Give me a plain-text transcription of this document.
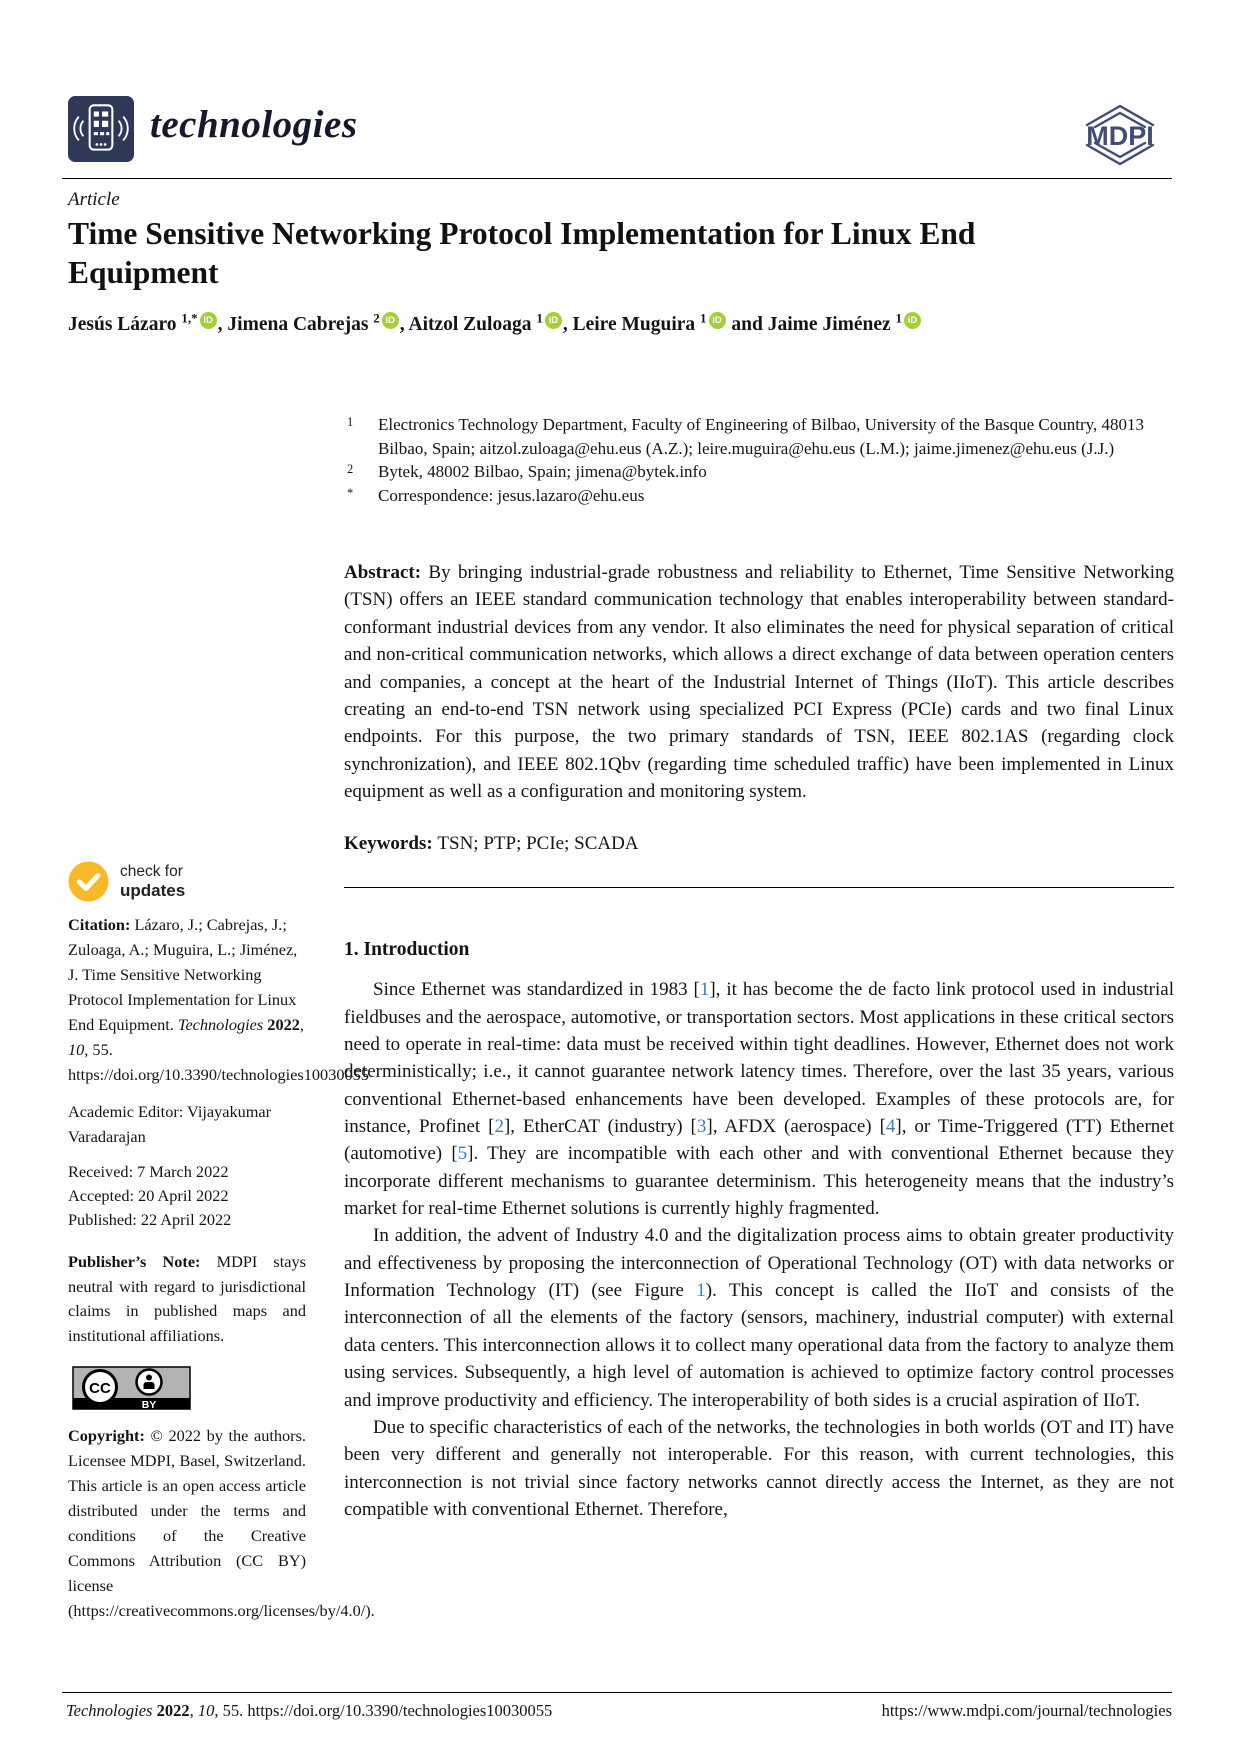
technologies	MDPI
Article
Time Sensitive Networking Protocol Implementation for Linux End Equipment
Jesús Lázaro $^{1,*}$ iD , Jimena Cabrejas $^2$ iD , Aitzol Zuloaga $^1$ iD , Leire Muguira $^1$ iD and Jaime Jiménez $^1$ iD
1 Electronics Technology Department, Faculty of Engineering of Bilbao, University of the Basque Country, 48013 Bilbao, Spain; aitzol.zuloaga@ehu.eus (A.Z.); leire.muguira@ehu.eus (L.M.); jaime.jimenez@ehu.eus (J.J.)
2 Bytek, 48002 Bilbao, Spain; jimena@bytek.info
* Correspondence: jesus.lazaro@ehu.eus
Abstract: By bringing industrial-grade robustness and reliability to Ethernet, Time Sensitive Networking (TSN) offers an IEEE standard communication technology that enables interoperability between standard-conformant industrial devices from any vendor. It also eliminates the need for physical separation of critical and non-critical communication networks, which allows a direct exchange of data between operation centers and companies, a concept at the heart of the Industrial Internet of Things (IIoT). This article describes creating an end-to-end TSN network using specialized PCI Express (PCIe) cards and two final Linux endpoints. For this purpose, the two primary standards of TSN, IEEE 802.1AS (regarding clock synchronization), and IEEE 802.1Qbv (regarding time scheduled traffic) have been implemented in Linux equipment as well as a configuration and monitoring system.
Keywords: TSN; PTP; PCIe; SCADA
check for
updates
Citation: Lázaro, J.; Cabrejas, J.; Zuloaga, A.; Muguira, L.; Jiménez, J. Time Sensitive Networking Protocol Implementation for Linux End Equipment. Technologies 2022, 10, 55. https://doi.org/10.3390/technologies10030055
Academic Editor: Vijayakumar Varadarajan
Received: 7 March 2022
Accepted: 20 April 2022
Published: 22 April 2022
Publisher’s Note: MDPI stays neutral with regard to jurisdictional claims in published maps and institutional affiliations.
CC
BY
Copyright: © 2022 by the authors. Licensee MDPI, Basel, Switzerland. This article is an open access article distributed under the terms and conditions of the Creative Commons Attribution (CC BY) license (https://creativecommons.org/licenses/by/4.0/).
1. Introduction

Since Ethernet was standardized in 1983 [1], it has become the de facto link protocol used in industrial fieldbuses and the aerospace, automotive, or transportation sectors. Most applications in these critical sectors need to operate in real-time: data must be received within tight deadlines. However, Ethernet does not work deterministically; i.e., it cannot guarantee network latency times. Therefore, over the last 35 years, various conventional Ethernet-based enhancements have been developed. Examples of these protocols are, for instance, Profinet [2], EtherCAT (industry) [3], AFDX (aerospace) [4], or Time-Triggered (TT) Ethernet (automotive) [5]. They are incompatible with each other and with conventional Ethernet because they incorporate different mechanisms to guarantee determinism. This heterogeneity means that the industry’s market for real-time Ethernet solutions is currently highly fragmented.

In addition, the advent of Industry 4.0 and the digitalization process aims to obtain greater productivity and effectiveness by proposing the interconnection of Operational Technology (OT) with data networks or Information Technology (IT) (see Figure 1). This concept is called the IIoT and consists of the interconnection of all the elements of the factory (sensors, machinery, industrial computer) with external data centers. This interconnection allows it to collect many operational data from the factory to analyze them using services. Subsequently, a high level of automation is achieved to optimize factory control processes and improve productivity and efficiency. The interoperability of both sides is a crucial aspiration of IIoT.

Due to specific characteristics of each of the networks, the technologies in both worlds (OT and IT) have been very different and generally not interoperable. For this reason, with current technologies, this interconnection is not trivial since factory networks cannot directly access the Internet, as they are not compatible with conventional Ethernet. Therefore,

Technologies 2022, 10, 55. https://doi.org/10.3390/technologies10030055	https://www.mdpi.com/journal/technologies
